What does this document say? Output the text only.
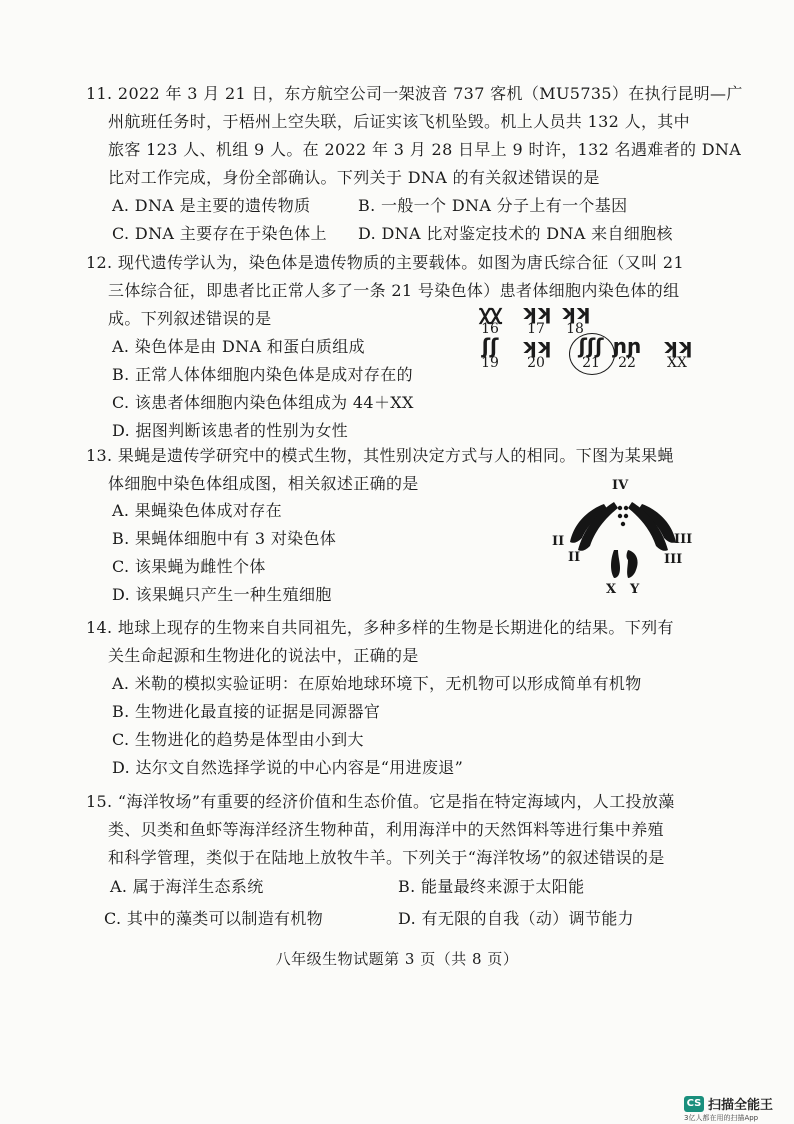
11. 2022 年 3 月 21 日，东方航空公司一架波音 737 客机（MU5735）在执行昆明—广
州航班任务时，于梧州上空失联，后证实该飞机坠毁。机上人员共 132 人，其中
旅客 123 人、机组 9 人。在 2022 年 3 月 28 日早上 9 时许，132 名遇难者的 DNA
比对工作完成，身份全部确认。下列关于 DNA 的有关叙述错误的是
A. DNA 是主要的遗传物质	B. 一般一个 DNA 分子上有一个基因
C. DNA 主要存在于染色体上 D. DNA 比对鉴定技术的 DNA 来自细胞核
12. 现代遗传学认为，染色体是遗传物质的主要载体。如图为唐氏综合征（又叫 21
三体综合征，即患者比正常人多了一条 21 号染色体）患者体细胞内染色体的组
成。下列叙述错误的是
A. 染色体是由 DNA 和蛋白质组成
B. 正常人体体细胞内染色体是成对存在的
C. 该患者体细胞内染色体组成为 44＋XX
D. 据图判断该患者的性别为女性
ꭓꭓ
16
ʞʞ
17
ʞʞ
18
ʃʃ
19
ʞʞ
20
ʃʃʃ
21
ɲɲ
22
ʞʞ
XX
13. 果蝇是遗传学研究中的模式生物，其性别决定方式与人的相同。下图为某果蝇
体细胞中染色体组成图，相关叙述正确的是
A. 果蝇染色体成对存在
B. 果蝇体细胞中有 3 对染色体
C. 该果蝇为雌性个体
D. 该果蝇只产生一种生殖细胞
IV
II
II
III
III
X Y
14. 地球上现存的生物来自共同祖先，多种多样的生物是长期进化的结果。下列有
关生命起源和生物进化的说法中，正确的是
A. 米勒的模拟实验证明：在原始地球环境下，无机物可以形成简单有机物
B. 生物进化最直接的证据是同源器官
C. 生物进化的趋势是体型由小到大
D. 达尔文自然选择学说的中心内容是“用进废退”
15. “海洋牧场”有重要的经济价值和生态价值。它是指在特定海域内，人工投放藻
类、贝类和鱼虾等海洋经济生物种苗，利用海洋中的天然饵料等进行集中养殖
和科学管理，类似于在陆地上放牧牛羊。下列关于“海洋牧场”的叙述错误的是
A. 属于海洋生态系统	B. 能量最终来源于太阳能
C. 其中的藻类可以制造有机物	D. 有无限的自我（动）调节能力
八年级生物试题第 3 页（共 8 页）
CS 扫描全能王
3亿人都在用的扫描App
